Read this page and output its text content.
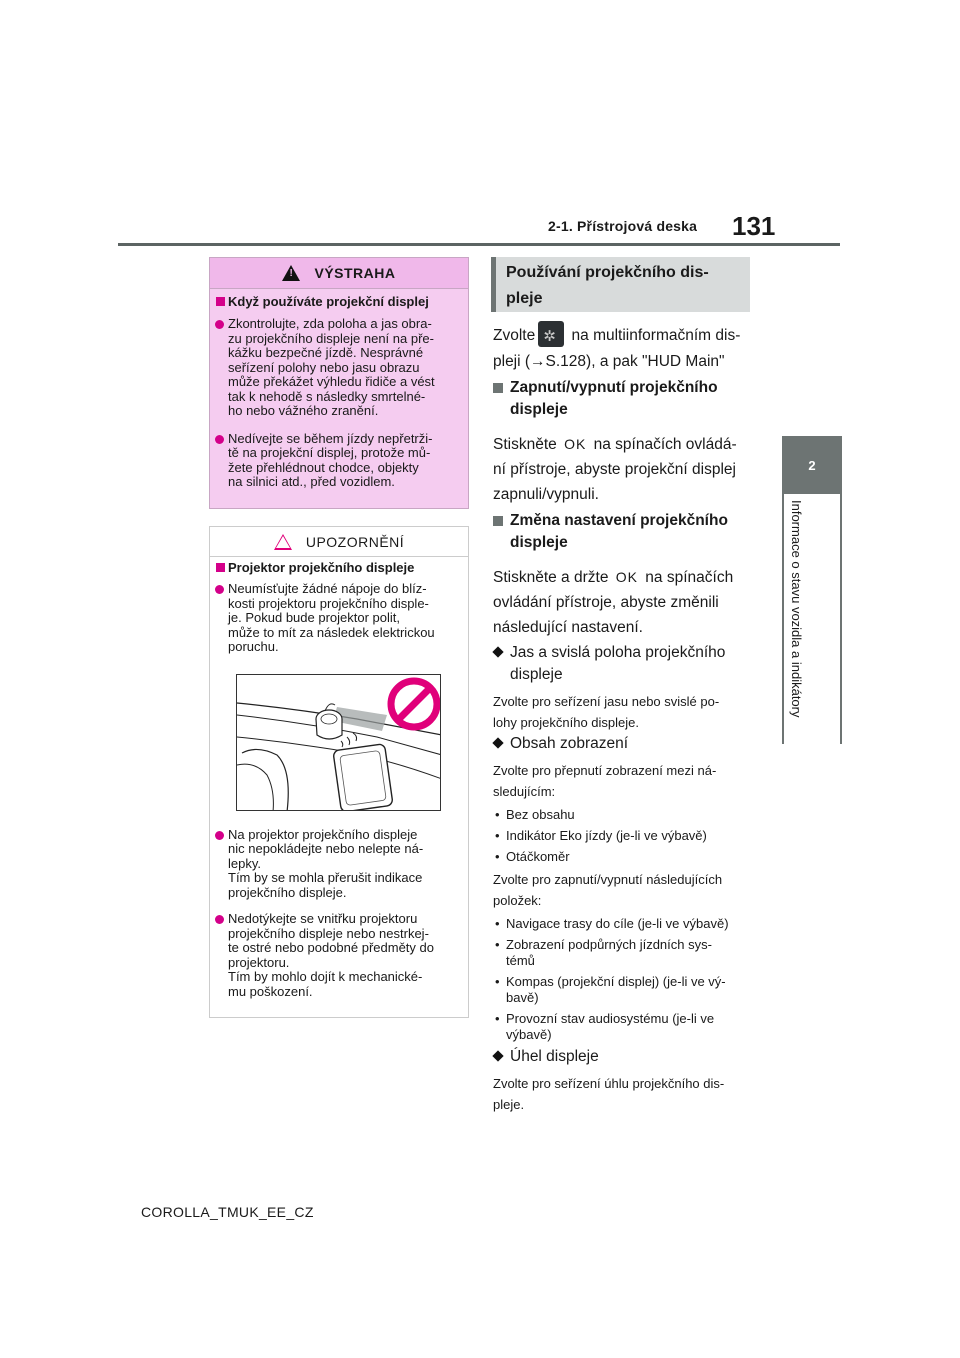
2-1. Přístrojová deska 131
2
Informace o stavu vozidla a indikátory
! VÝSTRAHA
Když používáte projekční displej
Zkontrolujte, zda poloha a jas obra-
zu projekčního displeje není na pře-
kážku bezpečné jízdě. Nesprávné
seřízení polohy nebo jasu obrazu
může překážet výhledu řidiče a vést
tak k nehodě s následky smrtelné-
ho nebo vážného zranění.
Nedívejte se během jízdy nepřetrži-
tě na projekční displej, protože mů-
žete přehlédnout chodce, objekty
na silnici atd., před vozidlem.
UPOZORNĚNÍ
Projektor projekčního displeje
Neumísťujte žádné nápoje do blíz-
kosti projektoru projekčního disple-
je. Pokud bude projektor polit,
může to mít za následek elektrickou
poruchu.
Na projektor projekčního displeje
nic nepokládejte nebo nelepte ná-
lepky.
Tím by se mohla přerušit indikace
projekčního displeje.
Nedotýkejte se vnitřku projektoru
projekčního displeje nebo nestrkej-
te ostré nebo podobné předměty do
projektoru.
Tím by mohlo dojít k mechanické-
mu poškození.
Používání projekčního dis-
pleje
Zvolte✲ na multiinformačním dis-
pleji (→S.128), a pak "HUD Main"
Zapnutí/vypnutí projekčního
displeje
Stiskněte OK na spínačích ovládá-
ní přístroje, abyste projekční displej
zapnuli/vypnuli.
Změna nastavení projekčního
displeje
Stiskněte a držte OK na spínačích
ovládání přístroje, abyste změnili
následující nastavení.
Jas a svislá poloha projekčního
displeje
Zvolte pro seřízení jasu nebo svislé po-
lohy projekčního displeje.
Obsah zobrazení
Zvolte pro přepnutí zobrazení mezi ná-
sledujícím:
• Bez obsahu
• Indikátor Eko jízdy (je-li ve výbavě)
• Otáčkoměr
Zvolte pro zapnutí/vypnutí následujících
položek:
• Navigace trasy do cíle (je-li ve výbavě)
• Zobrazení podpůrných jízdních sys-
témů
• Kompas (projekční displej) (je-li ve vý-
bavě)
• Provozní stav audiosystému (je-li ve
výbavě)
Úhel displeje
Zvolte pro seřízení úhlu projekčního dis-
pleje.
COROLLA_TMUK_EE_CZ
